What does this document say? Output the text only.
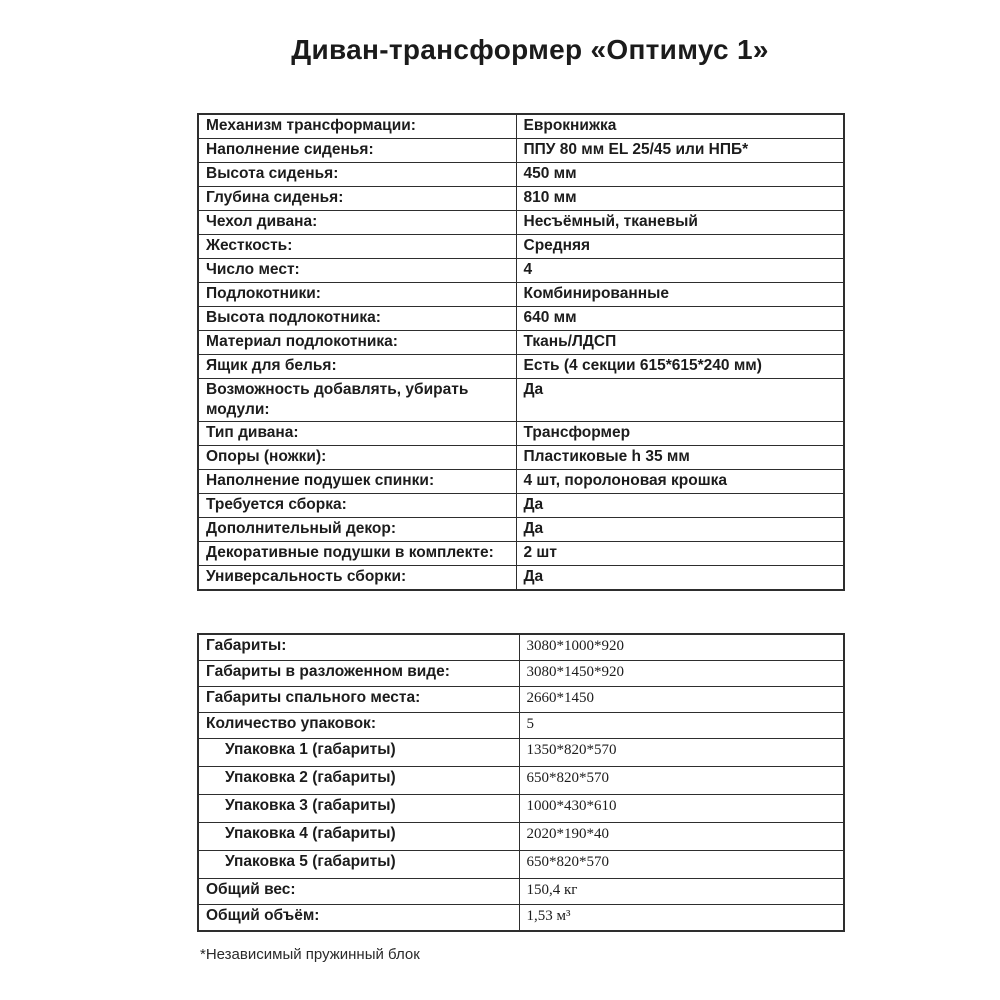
Диван-трансформер «Оптимус 1»
Механизм трансформации:	Еврокнижка
Наполнение сиденья:	ППУ 80 мм EL 25/45 или НПБ*
Высота сиденья:	450 мм
Глубина сиденья:	810 мм
Чехол дивана:	Несъёмный, тканевый
Жесткость:	Средняя
Число мест:	4
Подлокотники:	Комбинированные
Высота подлокотника:	640 мм
Материал подлокотника:	Ткань/ЛДСП
Ящик для белья:	Есть (4 секции 615*615*240 мм)
Возможность добавлять, убирать модули:	Да
Тип дивана:	Трансформер
Опоры (ножки):	Пластиковые h 35 мм
Наполнение подушек спинки:	4 шт, поролоновая крошка
Требуется сборка:	Да
Дополнительный декор:	Да
Декоративные подушки в комплекте:	2 шт
Универсальность сборки:	Да
Габариты:	3080*1000*920
Габариты в разложенном виде:	3080*1450*920
Габариты спального места:	2660*1450
Количество упаковок:	5
Упаковка 1 (габариты)	1350*820*570
Упаковка 2 (габариты)	650*820*570
Упаковка 3 (габариты)	1000*430*610
Упаковка 4 (габариты)	2020*190*40
Упаковка 5 (габариты)	650*820*570
Общий вес:	150,4 кг
Общий объём:	1,53 м³
*Независимый пружинный блок
